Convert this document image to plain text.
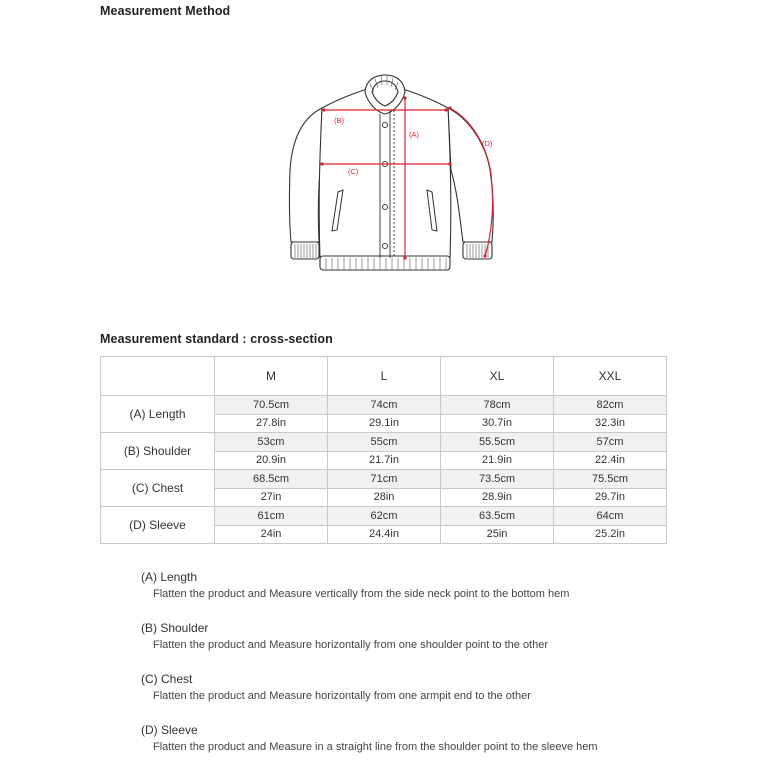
Measurement Method
(B)
(A)
(C)
(D)
Measurement standard : cross-section
	M	L	XL	XXL
(A) Length	70.5cm	74cm	78cm	82cm
	27.8in	29.1in	30.7in	32.3in
(B) Shoulder	53cm	55cm	55.5cm	57cm
	20.9in	21.7in	21.9in	22.4in
(C) Chest	68.5cm	71cm	73.5cm	75.5cm
	27in	28in	28.9in	29.7in
(D) Sleeve	61cm	62cm	63.5cm	64cm
	24in	24.4in	25in	25.2in
(A) Length
Flatten the product and Measure vertically from the side neck point to the bottom hem
(B) Shoulder
Flatten the product and Measure horizontally from one shoulder point to the other
(C) Chest
Flatten the product and Measure horizontally from one armpit end to the other
(D) Sleeve
Flatten the product and Measure in a straight line from the shoulder point to the sleeve hem
